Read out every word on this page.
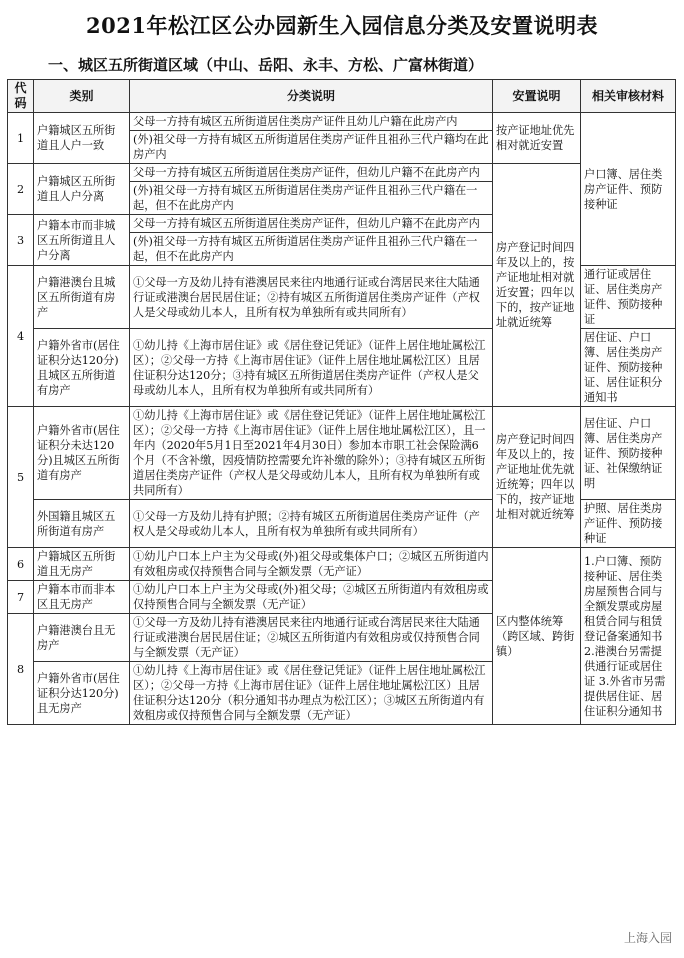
2021年松江区公办园新生入园信息分类及安置说明表
一、城区五所街道区域（中山、岳阳、永丰、方松、广富林街道）
代码	类别	分类说明	安置说明	相关审核材料
1	户籍城区五所街道且人户一致	父母一方持有城区五所街道居住类房产证件且幼儿户籍在此房产内	按产证地址优先相对就近安置	户口簿、居住类房产证件、预防接种证
		(外)祖父母一方持有城区五所街道居住类房产证件且祖孙三代户籍均在此房产内		
2	户籍城区五所街道且人户分离	父母一方持有城区五所街道居住类房产证件，但幼儿户籍不在此房产内	房产登记时间四年及以上的，按产证地址相对就近安置；四年以下的，按产证地址就近统筹	
		(外)祖父母一方持有城区五所街道居住类房产证件且祖孙三代户籍在一起，但不在此房产内		
3	户籍本市而非城区五所街道且人户分离	父母一方持有城区五所街道居住类房产证件，但幼儿户籍不在此房产内		
		(外)祖父母一方持有城区五所街道居住类房产证件且祖孙三代户籍在一起，但不在此房产内		
4	户籍港澳台且城区五所街道有房产	①父母一方及幼儿持有港澳居民来往内地通行证或台湾居民来往大陆通行证或港澳台居民居住证；②持有城区五所街道居住类房产证件（产权人是父母或幼儿本人，且所有权为单独所有或共同所有）		通行证或居住证、居住类房产证件、预防接种证
	户籍外省市(居住证积分达120分)且城区五所街道有房产	①幼儿持《上海市居住证》或《居住登记凭证》（证件上居住地址属松江区）；②父母一方持《上海市居住证》（证件上居住地址属松江区）且居住证积分达120分；③持有城区五所街道居住类房产证件（产权人是父母或幼儿本人，且所有权为单独所有或共同所有）		居住证、户口簿、居住类房产证件、预防接种证、居住证积分通知书
5	户籍外省市(居住证积分未达120分)且城区五所街道有房产	①幼儿持《上海市居住证》或《居住登记凭证》（证件上居住地址属松江区）；②父母一方持《上海市居住证》（证件上居住地址属松江区），且一年内（2020年5月1日至2021年4月30日）参加本市职工社会保险满6个月（不含补缴，因疫情防控需要允许补缴的除外）；③持有城区五所街道居住类房产证件（产权人是父母或幼儿本人，且所有权为单独所有或共同所有）	房产登记时间四年及以上的，按产证地址优先就近统筹；四年以下的，按产证地址相对就近统筹	居住证、户口簿、居住类房产证件、预防接种证、社保缴纳证明
	外国籍且城区五所街道有房产	①父母一方及幼儿持有护照；②持有城区五所街道居住类房产证件（产权人是父母或幼儿本人，且所有权为单独所有或共同所有）		护照、居住类房产证件、预防接种证
6	户籍城区五所街道且无房产	①幼儿户口本上户主为父母或(外)祖父母或集体户口；②城区五所街道内有效租房或仅持预售合同与全额发票（无产证）	区内整体统筹（跨区域、跨街镇）	1.户口簿、预防接种证、居住类房屋预售合同与全额发票或房屋租赁合同与租赁登记备案通知书 2.港澳台另需提供通行证或居住证 3.外省市另需提供居住证、居住证积分通知书
7	户籍本市而非本区且无房产	①幼儿户口本上户主为父母或(外)祖父母；②城区五所街道内有效租房或仅持预售合同与全额发票（无产证）		
8	户籍港澳台且无房产	①父母一方及幼儿持有港澳居民来往内地通行证或台湾居民来往大陆通行证或港澳台居民居住证；②城区五所街道内有效租房或仅持预售合同与全额发票（无产证）		
	户籍外省市(居住证积分达120分)且无房产	①幼儿持《上海市居住证》或《居住登记凭证》（证件上居住地址属松江区）；②父母一方持《上海市居住证》（证件上居住地址属松江区）且居住证积分达120分（积分通知书办理点为松江区）；③城区五所街道内有效租房或仅持预售合同与全额发票（无产证）		
上海入园
